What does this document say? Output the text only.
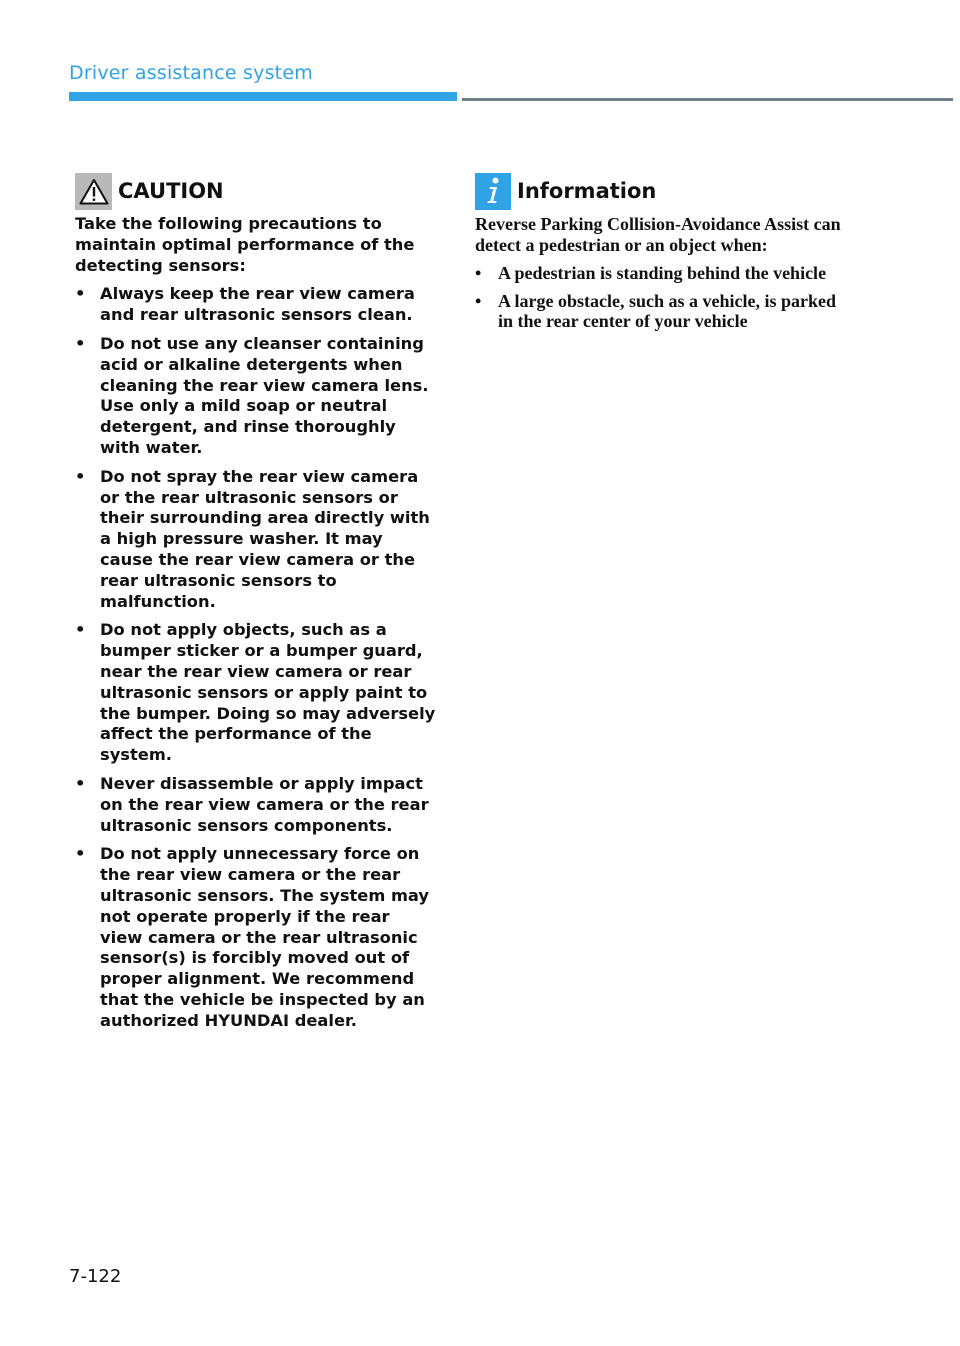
Driver assistance system
CAUTION

Take the following precautions to maintain optimal performance of the detecting sensors:

• Always keep the rear view camera and rear ultrasonic sensors clean.
• Do not use any cleanser containing acid or alkaline detergents when cleaning the rear view camera lens. Use only a mild soap or neutral detergent, and rinse thoroughly with water.
• Do not spray the rear view camera or the rear ultrasonic sensors or their surrounding area directly with a high pressure washer. It may cause the rear view camera or the rear ultrasonic sensors to malfunction.
• Do not apply objects, such as a bumper sticker or a bumper guard, near the rear view camera or rear ultrasonic sensors or apply paint to the bumper. Doing so may adversely affect the performance of the system.
• Never disassemble or apply impact on the rear view camera or the rear ultrasonic sensors components.
• Do not apply unnecessary force on the rear view camera or the rear ultrasonic sensors. The system may not operate properly if the rear view camera or the rear ultrasonic sensor(s) is forcibly moved out of proper alignment. We recommend that the vehicle be inspected by an authorized HYUNDAI dealer.
Information

Reverse Parking Collision-Avoidance Assist can detect a pedestrian or an object when:

• A pedestrian is standing behind the vehicle
• A large obstacle, such as a vehicle, is parked in the rear center of your vehicle
7-122
